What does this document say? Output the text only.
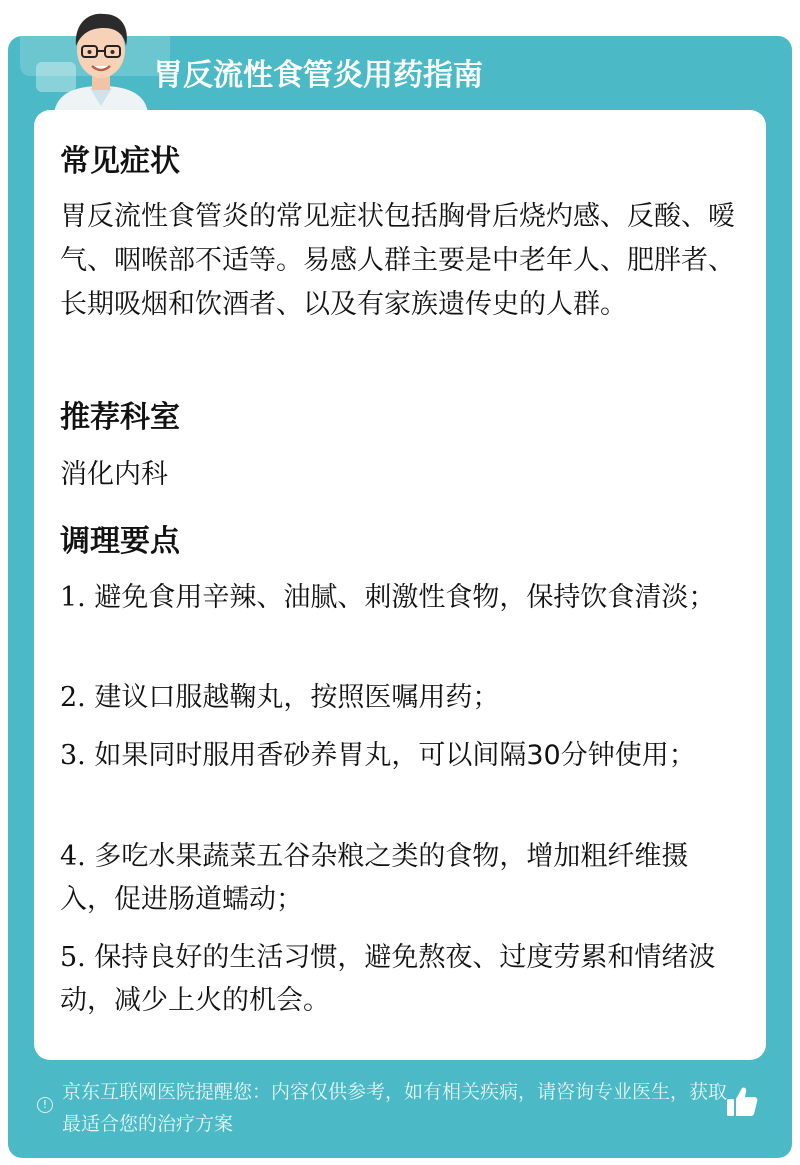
胃反流性食管炎用药指南
常见症状
胃反流性食管炎的常见症状包括胸骨后烧灼感、反酸、嗳气、咽喉部不适等。易感人群主要是中老年人、肥胖者、长期吸烟和饮酒者、以及有家族遗传史的人群。
推荐科室
消化内科
调理要点
1. 避免食用辛辣、油腻、刺激性食物，保持饮食清淡；
2. 建议口服越鞠丸，按照医嘱用药；
3. 如果同时服用香砂养胃丸，可以间隔30分钟使用；
4. 多吃水果蔬菜五谷杂粮之类的食物，增加粗纤维摄入，促进肠道蠕动；
5. 保持良好的生活习惯，避免熬夜、过度劳累和情绪波动，减少上火的机会。
!
京东互联网医院提醒您：内容仅供参考，如有相关疾病，请咨询专业医生，获取最适合您的治疗方案
